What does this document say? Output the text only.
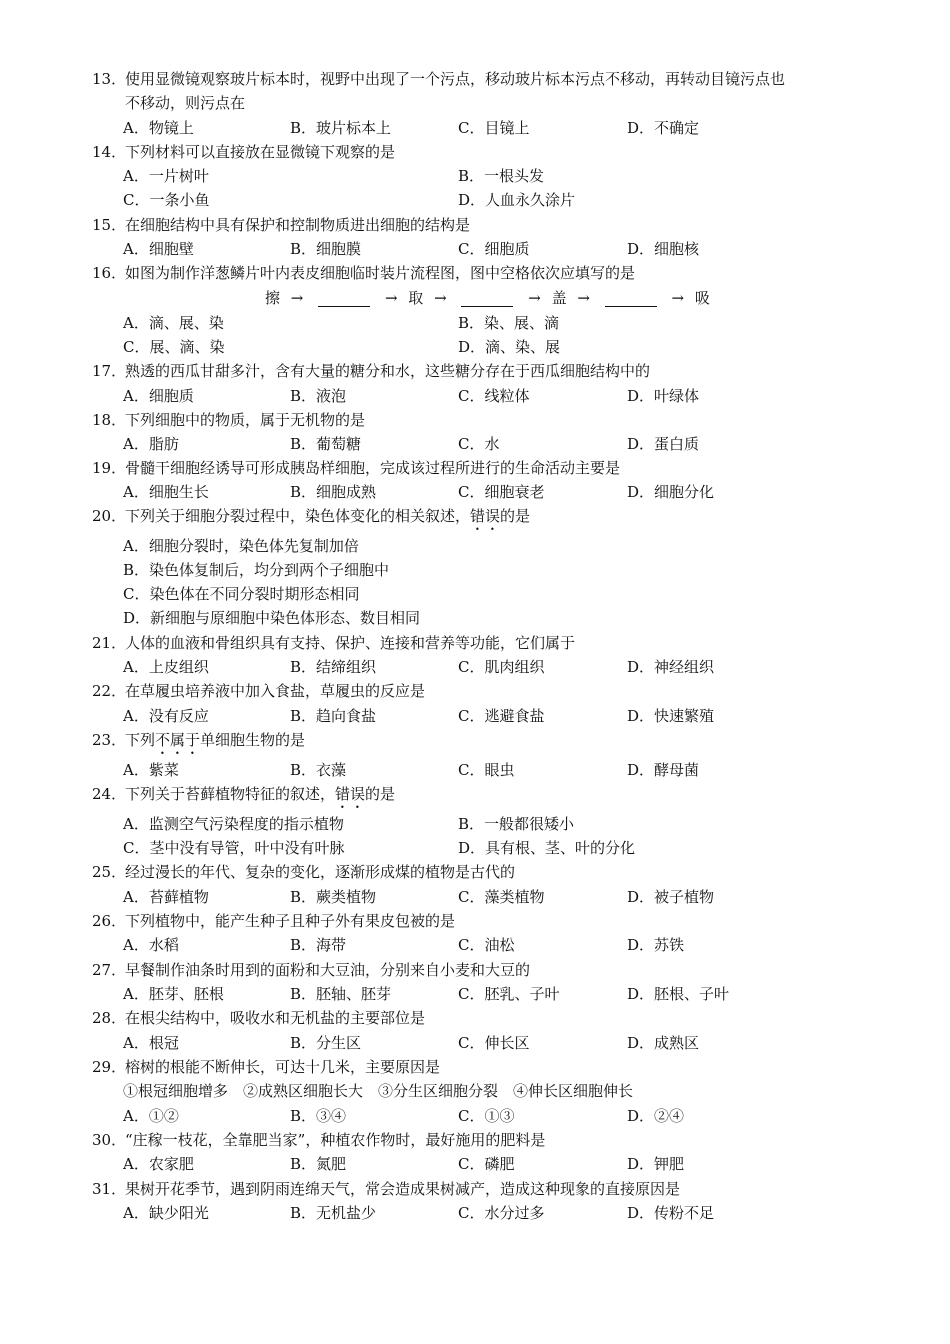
13．使用显微镜观察玻片标本时，视野中出现了一个污点，移动玻片标本污点不移动，再转动目镜污点也
不移动，则污点在
A．物镜上	B．玻片标本上	C．目镜上	D．不确定
14．下列材料可以直接放在显微镜下观察的是
A．一片树叶	B．一根头发
C．一条小鱼	D．人血永久涂片
15．在细胞结构中具有保护和控制物质进出细胞的结构是
A．细胞壁	B．细胞膜	C．细胞质	D．细胞核
16．如图为制作洋葱鳞片叶内表皮细胞临时装片流程图，图中空格依次应填写的是
擦 →	→ 取 →	→ 盖 →	→ 吸
A．滴、展、染	B．染、展、滴
C．展、滴、染	D．滴、染、展
17．熟透的西瓜甘甜多汁，含有大量的糖分和水，这些糖分存在于西瓜细胞结构中的
A．细胞质	B．液泡	C．线粒体	D．叶绿体
18．下列细胞中的物质，属于无机物的是
A．脂肪	B．葡萄糖	C．水	D．蛋白质
19．骨髓干细胞经诱导可形成胰岛样细胞，完成该过程所进行的生命活动主要是
A．细胞生长	B．细胞成熟	C．细胞衰老	D．细胞分化
20．下列关于细胞分裂过程中，染色体变化的相关叙述，错误的是
A．细胞分裂时，染色体先复制加倍
B．染色体复制后，均分到两个子细胞中
C．染色体在不同分裂时期形态相同
D．新细胞与原细胞中染色体形态、数目相同
21．人体的血液和骨组织具有支持、保护、连接和营养等功能，它们属于
A．上皮组织	B．结缔组织	C．肌肉组织	D．神经组织
22．在草履虫培养液中加入食盐，草履虫的反应是
A．没有反应	B．趋向食盐	C．逃避食盐	D．快速繁殖
23．下列不属于单细胞生物的是
A．紫菜	B．衣藻	C．眼虫	D．酵母菌
24．下列关于苔藓植物特征的叙述，错误的是
A．监测空气污染程度的指示植物	B．一般都很矮小
C．茎中没有导管，叶中没有叶脉	D．具有根、茎、叶的分化
25．经过漫长的年代、复杂的变化，逐渐形成煤的植物是古代的
A．苔藓植物	B．蕨类植物	C．藻类植物	D．被子植物
26．下列植物中，能产生种子且种子外有果皮包被的是
A．水稻	B．海带	C．油松	D．苏铁
27．早餐制作油条时用到的面粉和大豆油，分别来自小麦和大豆的
A．胚芽、胚根	B．胚轴、胚芽	C．胚乳、子叶	D．胚根、子叶
28．在根尖结构中，吸收水和无机盐的主要部位是
A．根冠	B．分生区	C．伸长区	D．成熟区
29．榕树的根能不断伸长，可达十几米，主要原因是
①根冠细胞增多　②成熟区细胞长大　③分生区细胞分裂　④伸长区细胞伸长
A．①②	B．③④	C．①③	D．②④
30．“庄稼一枝花，全靠肥当家”，种植农作物时，最好施用的肥料是
A．农家肥	B．氮肥	C．磷肥	D．钾肥
31．果树开花季节，遇到阴雨连绵天气，常会造成果树减产，造成这种现象的直接原因是
A．缺少阳光	B．无机盐少	C．水分过多	D．传粉不足
